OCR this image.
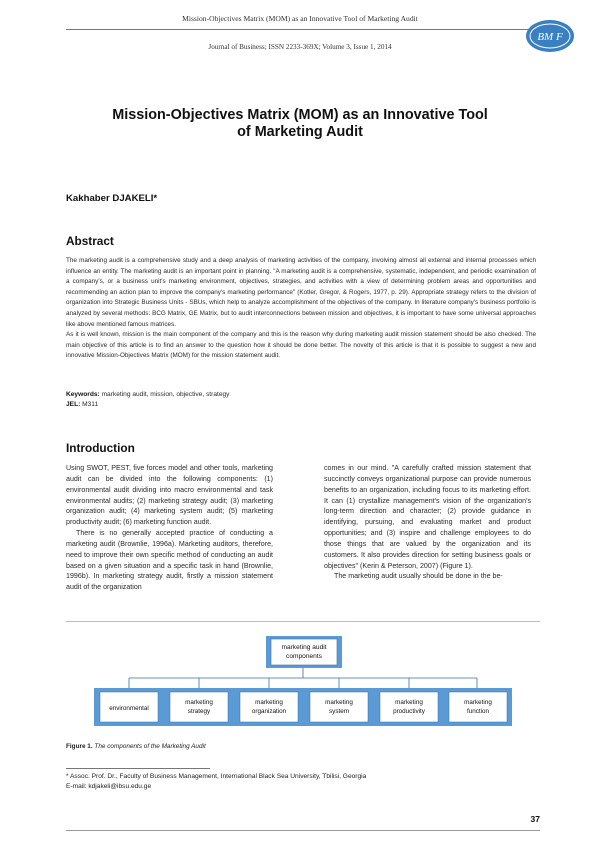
Mission-Objectives Matrix (MOM) as an Innovative Tool of Marketing Audit
Journal of Business; ISSN 2233-369X; Volume 3, Issue 1, 2014
BM F
Mission-Objectives Matrix (MOM) as an Innovative Tool
of Marketing Audit
Kakhaber DJAKELI*
Abstract

The marketing audit is a comprehensive study and a deep analysis of marketing activities of the company, involving almost all external and internal processes which influence an entity. The marketing audit is an important point in planning. "A marketing audit is a comprehensive, systematic, independent, and periodic examination of a company's, or a business unit's marketing environment, objectives, strategies, and activities with a view of determining problem areas and opportunities and recommending an action plan to improve the company's marketing performance" (Kotler, Gregor, & Rogers, 1977, p. 29). Appropriate strategy refers to the division of organization into Strategic Business Units - SBUs, which help to analyze accomplishment of the objectives of the company. In literature company's business portfolio is analyzed by several methods: BCG Matrix, GE Matrix, but to audit interconnections between mission and objectives, it is important to have some universal approaches like above mentioned famous matrices.

As it is well known, mission is the main component of the company and this is the reason why during marketing audit mission statement should be also checked. The main objective of this article is to find an answer to the question how it should be done better. The novelty of this article is that it is possible to suggest a new and innovative Mission-Objectives Matrix (MOM) for the mission statement audit.

Keywords: marketing audit, mission, objective, strategy
JEL: M311
Introduction

Using SWOT, PEST, five forces model and other tools, marketing audit can be divided into the following components: (1) environmental audit dividing into macro environmental and task environmental audits; (2) marketing strategy audit; (3) marketing organization audit; (4) marketing system audit; (5) marketing productivity audit; (6) marketing function audit.

There is no generally accepted practice of conducting a marketing audit (Brownlie, 1996a). Marketing auditors, therefore, need to improve their own specific method of conducting an audit based on a given situation and a specific task in hand (Brownlie, 1996b). In marketing strategy audit, firstly a mission statement audit of the organization

comes in our mind. "A carefully crafted mission statement that succinctly conveys organizational purpose can provide numerous benefits to an organization, including focus to its marketing effort. It can (1) crystallize management's vision of the organization's long-term direction and character; (2) provide guidance in identifying, pursuing, and evaluating market and product opportunities; and (3) inspire and challenge employees to do those things that are valued by the organization and its customers. It also provides direction for setting business goals or objectives" (Kerin & Peterson, 2007) (Figure 1).

The marketing audit usually should be done in the be-

marketing audit
components
environmental
marketing
strategy
marketing
organization
marketing
system
marketing
productivity
marketing
function
Figure 1. The components of the Marketing Audit
* Assoc. Prof. Dr., Faculty of Business Management, International Black Sea University, Tbilisi, Georgia
E-mail: kdjakeli@ibsu.edu.ge
37
